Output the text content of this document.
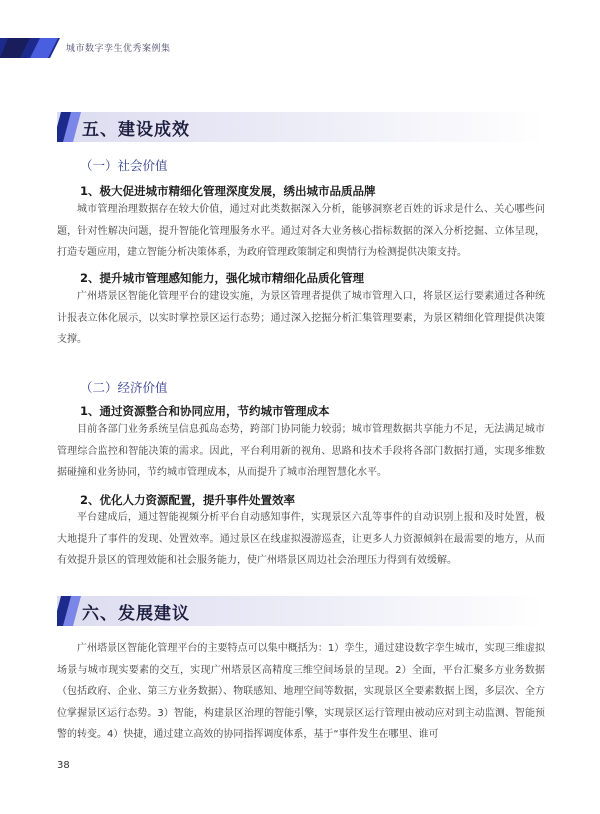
城市数字孪生优秀案例集
五、建设成效
（一）社会价值
1、极大促进城市精细化管理深度发展，绣出城市品质品牌

城市管理治理数据存在较大价值，通过对此类数据深入分析，能够洞察老百姓的诉求是什么、关心哪些问题，针对性解决问题，提升智能化管理服务水平。通过对各大业务核心指标数据的深入分析挖掘、立体呈现，打造专题应用，建立智能分析决策体系，为政府管理政策制定和舆情行为检测提供决策支持。

2、提升城市管理感知能力，强化城市精细化品质化管理

广州塔景区智能化管理平台的建设实施，为景区管理者提供了城市管理入口，将景区运行要素通过各种统计报表立体化展示，以实时掌控景区运行态势；通过深入挖掘分析汇集管理要素，为景区精细化管理提供决策支撑。

（二）经济价值
1、通过资源整合和协同应用，节约城市管理成本

目前各部门业务系统呈信息孤岛态势，跨部门协同能力较弱；城市管理数据共享能力不足，无法满足城市管理综合监控和智能决策的需求。因此，平台利用新的视角、思路和技术手段将各部门数据打通，实现多维数据碰撞和业务协同，节约城市管理成本，从而提升了城市治理智慧化水平。

2、优化人力资源配置，提升事件处置效率

平台建成后，通过智能视频分析平台自动感知事件，实现景区六乱等事件的自动识别上报和及时处置，极大地提升了事件的发现、处置效率。通过景区在线虚拟漫游巡查，让更多人力资源倾斜在最需要的地方，从而有效提升景区的管理效能和社会服务能力，使广州塔景区周边社会治理压力得到有效缓解。

六、发展建议

广州塔景区智能化管理平台的主要特点可以集中概括为：1）孪生，通过建设数字孪生城市，实现三维虚拟场景与城市现实要素的交互，实现广州塔景区高精度三维空间场景的呈现。2）全面，平台汇聚多方业务数据（包括政府、企业、第三方业务数据）、物联感知、地理空间等数据，实现景区全要素数据上图，多层次、全方位掌握景区运行态势。3）智能，构建景区治理的智能引擎，实现景区运行管理由被动应对到主动监测、智能预警的转变。4）快捷，通过建立高效的协同指挥调度体系，基于“事件发生在哪里、谁可

38
